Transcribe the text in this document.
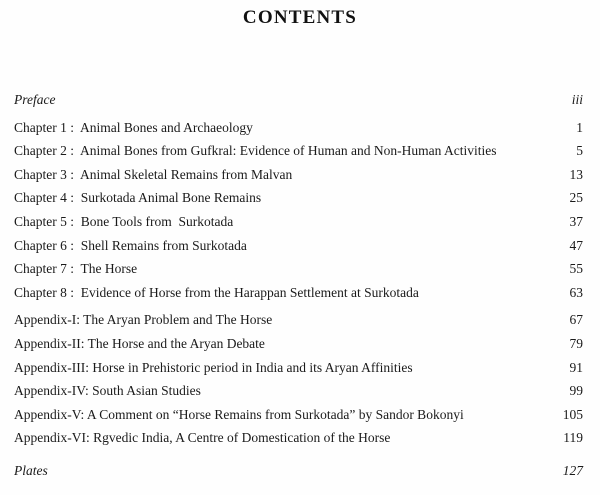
CONTENTS
Preface	iii
Chapter 1 :  Animal Bones and Archaeology	1
Chapter 2 :  Animal Bones from Gufkral: Evidence of Human and Non-Human Activities	5
Chapter 3 :  Animal Skeletal Remains from Malvan	13
Chapter 4 :  Surkotada Animal Bone Remains	25
Chapter 5 :  Bone Tools from  Surkotada	37
Chapter 6 :  Shell Remains from Surkotada	47
Chapter 7 :  The Horse	55
Chapter 8 :  Evidence of Horse from the Harappan Settlement at Surkotada	63
Appendix-I: The Aryan Problem and The Horse	67
Appendix-II: The Horse and the Aryan Debate	79
Appendix-III: Horse in Prehistoric period in India and its Aryan Affinities	91
Appendix-IV: South Asian Studies	99
Appendix-V: A Comment on “Horse Remains from Surkotada” by Sandor Bokonyi	105
Appendix-VI: Rgvedic India, A Centre of Domestication of the Horse	119
Plates	127
